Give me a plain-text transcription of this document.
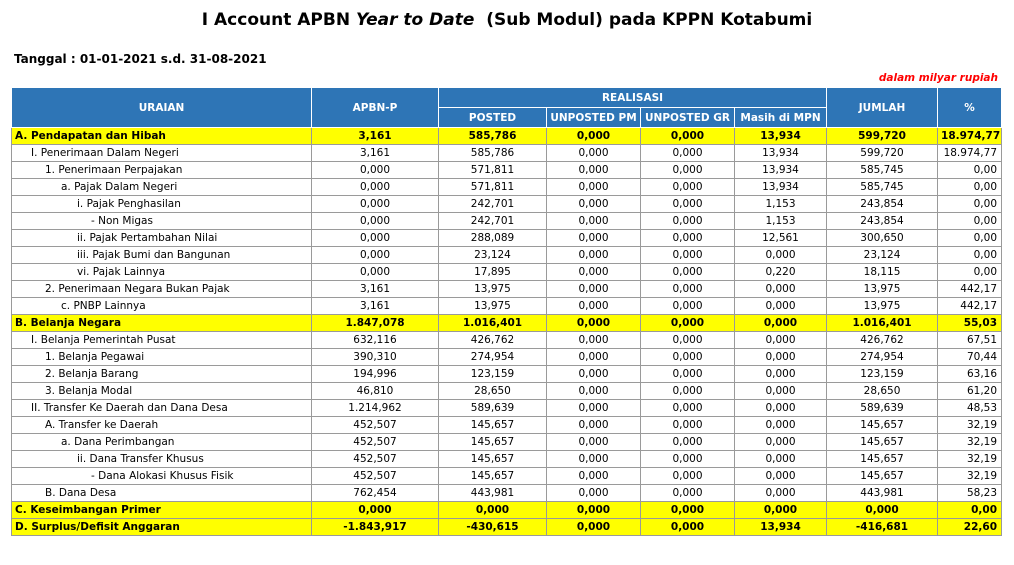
I Account APBN Year to Date  (Sub Modul) pada KPPN Kotabumi
Tanggal : 01-01-2021 s.d. 31-08-2021
dalam milyar rupiah
URAIAN	APBN-P	REALISASI				JUMLAH	%
		POSTED	UNPOSTED PM	UNPOSTED GR	Masih di MPN		
A. Pendapatan dan Hibah	3,161	585,786	0,000	0,000	13,934	599,720	18.974,77
I. Penerimaan Dalam Negeri	3,161	585,786	0,000	0,000	13,934	599,720	18.974,77
1. Penerimaan Perpajakan	0,000	571,811	0,000	0,000	13,934	585,745	0,00
a. Pajak Dalam Negeri	0,000	571,811	0,000	0,000	13,934	585,745	0,00
i. Pajak Penghasilan	0,000	242,701	0,000	0,000	1,153	243,854	0,00
- Non Migas	0,000	242,701	0,000	0,000	1,153	243,854	0,00
ii. Pajak Pertambahan Nilai	0,000	288,089	0,000	0,000	12,561	300,650	0,00
iii. Pajak Bumi dan Bangunan	0,000	23,124	0,000	0,000	0,000	23,124	0,00
vi. Pajak Lainnya	0,000	17,895	0,000	0,000	0,220	18,115	0,00
2. Penerimaan Negara Bukan Pajak	3,161	13,975	0,000	0,000	0,000	13,975	442,17
c. PNBP Lainnya	3,161	13,975	0,000	0,000	0,000	13,975	442,17
B. Belanja Negara	1.847,078	1.016,401	0,000	0,000	0,000	1.016,401	55,03
I. Belanja Pemerintah Pusat	632,116	426,762	0,000	0,000	0,000	426,762	67,51
1. Belanja Pegawai	390,310	274,954	0,000	0,000	0,000	274,954	70,44
2. Belanja Barang	194,996	123,159	0,000	0,000	0,000	123,159	63,16
3. Belanja Modal	46,810	28,650	0,000	0,000	0,000	28,650	61,20
II. Transfer Ke Daerah dan Dana Desa	1.214,962	589,639	0,000	0,000	0,000	589,639	48,53
A. Transfer ke Daerah	452,507	145,657	0,000	0,000	0,000	145,657	32,19
a. Dana Perimbangan	452,507	145,657	0,000	0,000	0,000	145,657	32,19
ii. Dana Transfer Khusus	452,507	145,657	0,000	0,000	0,000	145,657	32,19
- Dana Alokasi Khusus Fisik	452,507	145,657	0,000	0,000	0,000	145,657	32,19
B. Dana Desa	762,454	443,981	0,000	0,000	0,000	443,981	58,23
C. Keseimbangan Primer	0,000	0,000	0,000	0,000	0,000	0,000	0,00
D. Surplus/Defisit Anggaran	-1.843,917	-430,615	0,000	0,000	13,934	-416,681	22,60
